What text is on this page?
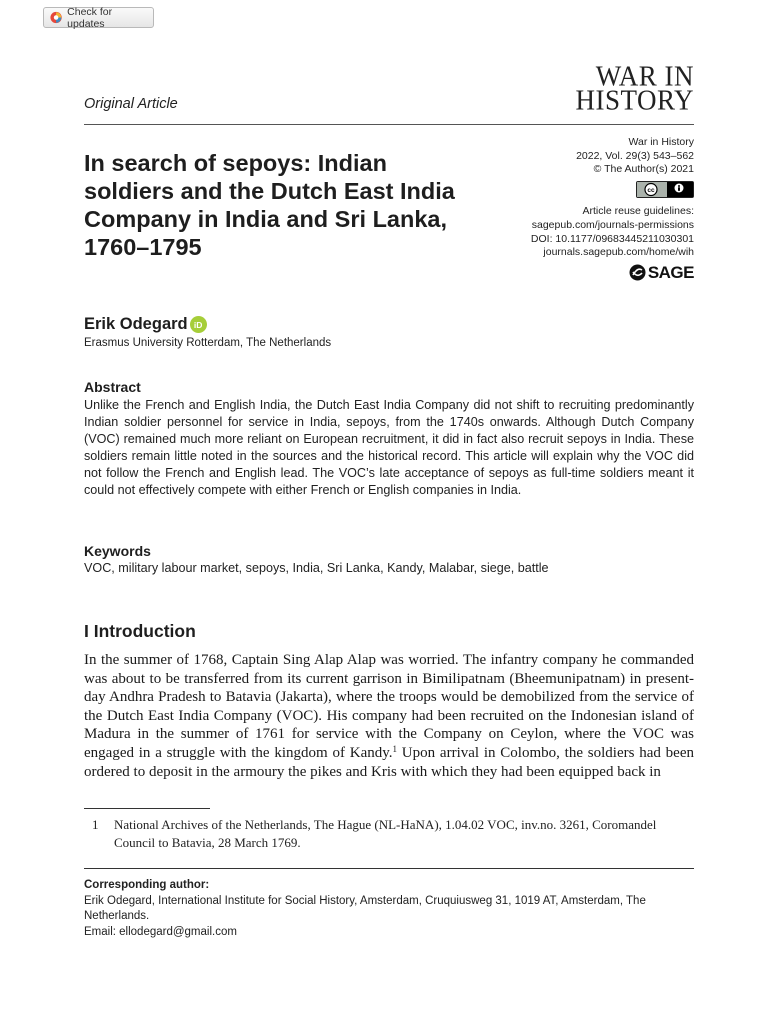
Check for updates
WAR IN
HISTORY
Original Article
In search of sepoys: Indian soldiers and the Dutch East India Company in India and Sri Lanka, 1760–1795
War in History
2022, Vol. 29(3) 543–562
© The Author(s) 2021
cc
Article reuse guidelines:
sagepub.com/journals-permissions
DOI: 10.1177/09683445211030301
journals.sagepub.com/home/wih
SAGE
Erik Odegard iD
Erasmus University Rotterdam, The Netherlands
Abstract

Unlike the French and English India, the Dutch East India Company did not shift to recruiting predominantly Indian soldier personnel for service in India, sepoys, from the 1740s onwards. Although Dutch Company (VOC) remained much more reliant on European recruitment, it did in fact also recruit sepoys in India. These soldiers remain little noted in the sources and the historical record. This article will explain why the VOC did not follow the French and English lead. The VOC’s late acceptance of sepoys as full-time soldiers meant it could not effectively compete with either French or English companies in India.

Keywords
VOC, military labour market, sepoys, India, Sri Lanka, Kandy, Malabar, siege, battle
I Introduction

In the summer of 1768, Captain Sing Alap Alap was worried. The infantry company he commanded was about to be transferred from its current garrison in Bimilipatnam (Bheemunipatnam) in present-day Andhra Pradesh to Batavia (Jakarta), where the troops would be demobilized from the service of the Dutch East India Company (VOC). His company had been recruited on the Indonesian island of Madura in the summer of 1761 for service with the Company on Ceylon, where the VOC was engaged in a struggle with the kingdom of Kandy.$^1$ Upon arrival in Colombo, the soldiers had been ordered to deposit in the armoury the pikes and Kris with which they had been equipped back in

1	National Archives of the Netherlands, The Hague (NL-HaNA), 1.04.02 VOC, inv.no. 3261, Coromandel Council to Batavia, 28 March 1769.
Corresponding author:
Erik Odegard, International Institute for Social History, Amsterdam, Cruquiusweg 31, 1019 AT, Amsterdam, The Netherlands.
Email: ellodegard@gmail.com
